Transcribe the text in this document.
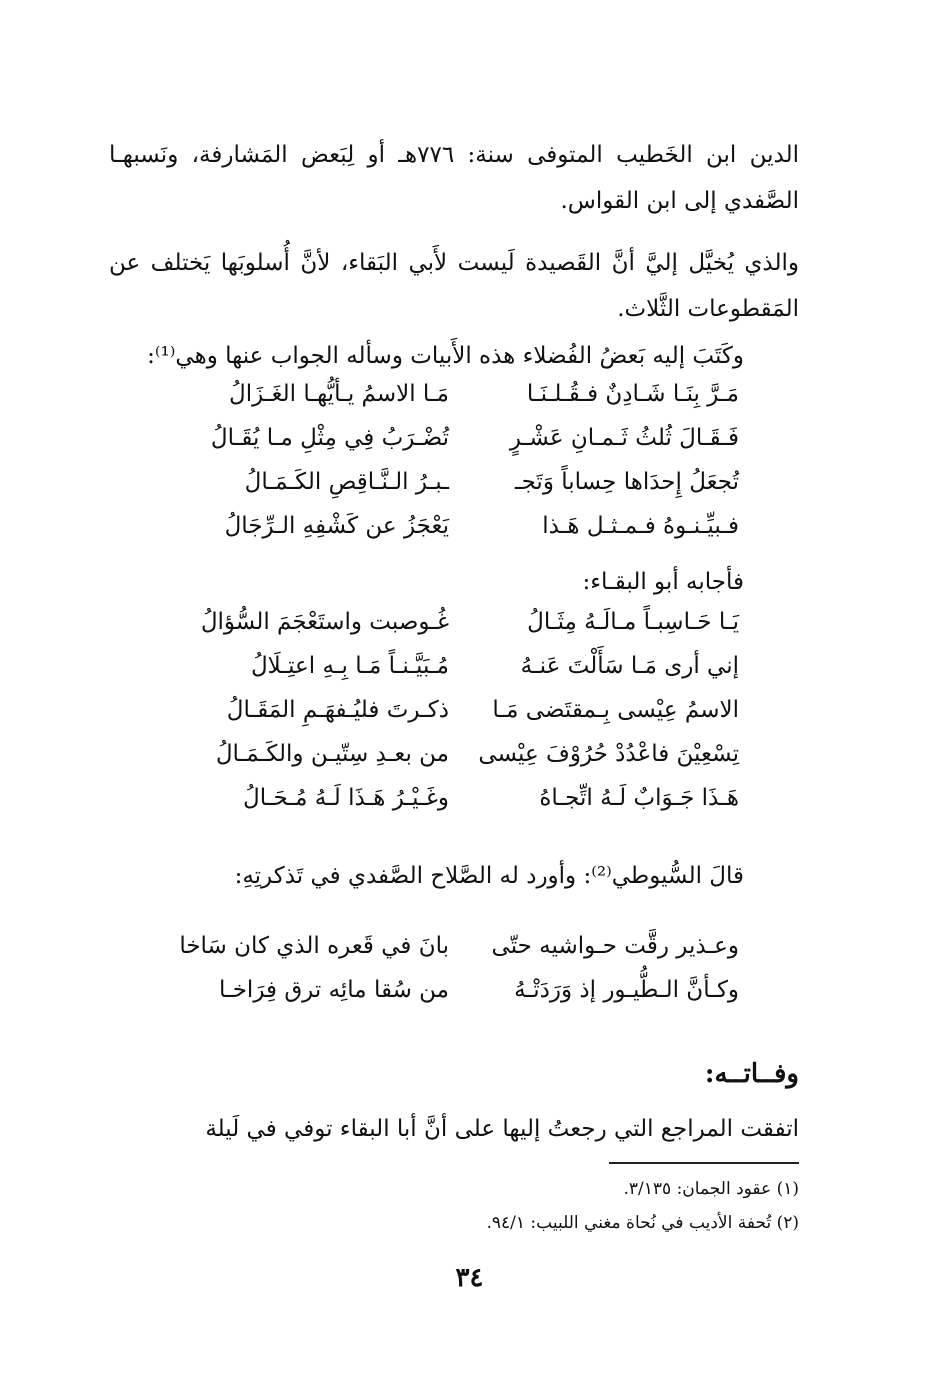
الدين ابن الخَطيب المتوفى سنة: ٧٧٦هـ أو لِبَعض المَشارفة، ونَسبهـا الصَّفدي إلى ابن القواس.

والذي يُخيَّل إليَّ أنَّ القَصيدة لَيست لأَبي البَقاء، لأنَّ أُسلوبَها يَختلف عن المَقطوعات الثَّلاث.

وكَتَبَ إليه بَعضُ الفُضلاء هذه الأَبيات وسأله الجواب عنها وهي⁽¹⁾:

مَـرَّ بِنَـا شَـادِنٌ فـقُـلـنَـا
مَـا الاسمُ يـأيُّهـا الغَـزَالُ
فَـقَـالَ ثُلثُ ثَـمـانِ عَشْـرٍ
تُضْـرَبُ فِي مِثْلِ مـا يُقَـالُ
تُجعَلُ إِحدَاها حِساباً وَتَجـ
ـبـرُ الـنَّـاقِصِ الكَـمَـالُ
فـبيِّـنـوهُ فـمـثـل هَـذا
يَعْجَزُ عن كَشْفِهِ الـرِّجَالُ

فأجابه أبو البقـاء:

يَـا حَـاسِبـاً مـالَـهُ مِثَـالُ
غُـوصبت واستَعْجَمَ السُّؤالُ
إني أرى مَـا سَأَلْتَ عَنـهُ
مُـبَيَّـنـاً مَـا بِـهِ اعتِـلَالُ
الاسمُ عِيْسى بِـمقتَضى مَـا
ذكـرتَ فليُـفهَـمِ المَقَـالُ
تِسْعِيْنَ فاعْدُدْ حُرُوْفَ عِيْسى
من بعـدِ سِتّيـن والكَـمَـالُ
هَـذَا جَـوَابٌ لَـهُ اتِّجـاهُ
وغَـيْـرُ هَـذَا لَـهُ مُـحَـالُ

قالَ السُّيوطي⁽²⁾: وأورد له الصَّلاح الصَّفدي في تَذكرتِهِ:

وعـذير رقَّت حـواشيه حتّى
بانَ في قَعره الذي كان سَاخا
وكـأنَّ الـطُّيـور إذ وَرَدَتْـهُ
من سُقا مائِه ترق فِرَاخـا
وفــاتــه:

اتفقت المراجع التي رجعتُ إليها على أنَّ أبا البقاء توفي في لَيلة

(١) عقود الجمان: ٣/١٣٥.
(٢) تُحفة الأديب في نُحاة مغني اللبيب: ٩٤/١.
٣٤
